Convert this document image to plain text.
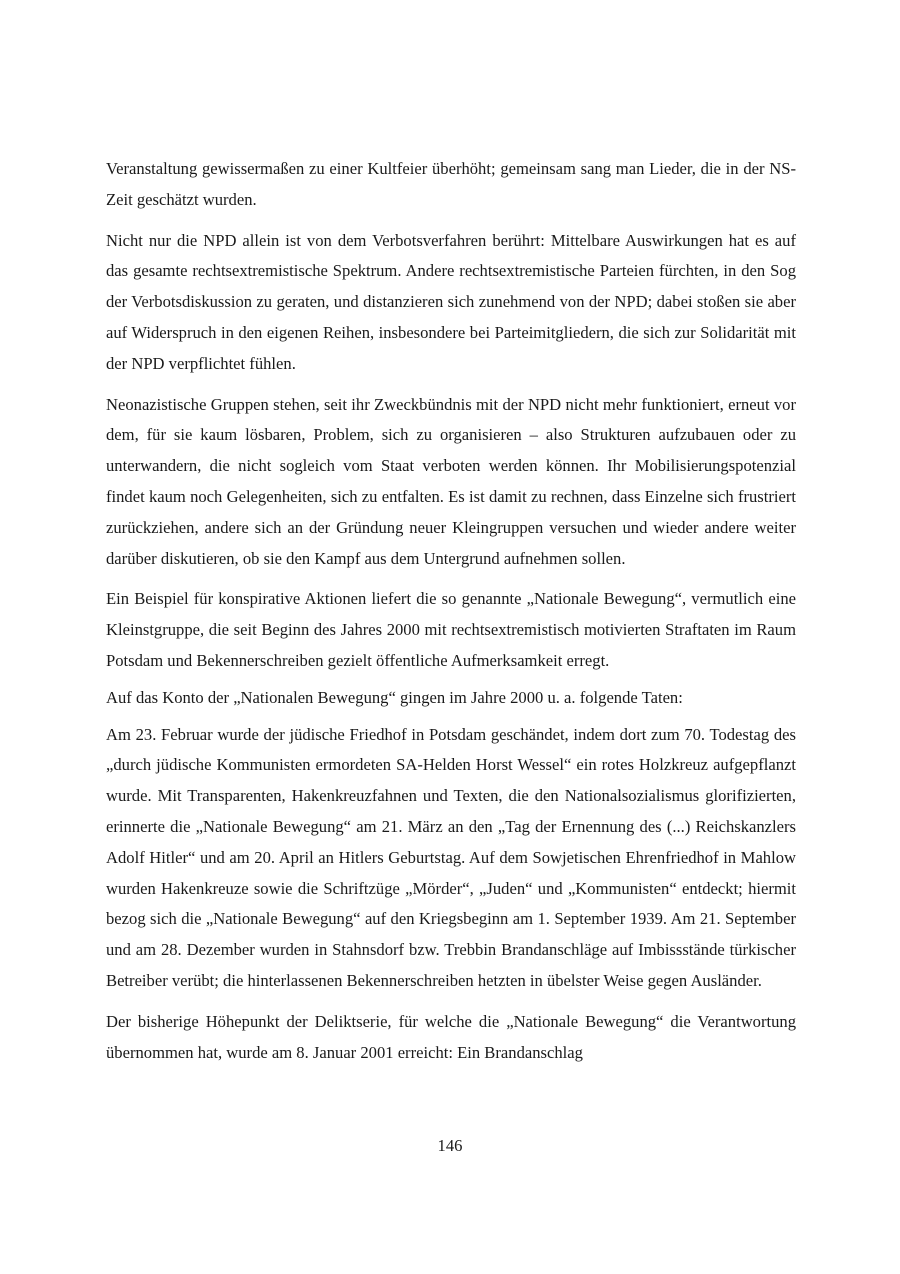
Veranstaltung gewissermaßen zu einer Kultfeier überhöht; gemeinsam sang man Lieder, die in der NS-Zeit geschätzt wurden.

Nicht nur die NPD allein ist von dem Verbotsverfahren berührt: Mittelbare Auswirkungen hat es auf das gesamte rechtsextremistische Spektrum. Andere rechtsextremistische Parteien fürchten, in den Sog der Verbotsdiskussion zu geraten, und distanzieren sich zunehmend von der NPD; dabei stoßen sie aber auf Widerspruch in den eigenen Reihen, insbesondere bei Parteimitgliedern, die sich zur Solidarität mit der NPD verpflichtet fühlen.

Neonazistische Gruppen stehen, seit ihr Zweckbündnis mit der NPD nicht mehr funktioniert, erneut vor dem, für sie kaum lösbaren, Problem, sich zu organisieren – also Strukturen aufzubauen oder zu unterwandern, die nicht sogleich vom Staat verboten werden können. Ihr Mobilisierungspotenzial findet kaum noch Gelegenheiten, sich zu entfalten. Es ist damit zu rechnen, dass Einzelne sich frustriert zurückziehen, andere sich an der Gründung neuer Kleingruppen versuchen und wieder andere weiter darüber diskutieren, ob sie den Kampf aus dem Untergrund aufnehmen sollen.

Ein Beispiel für konspirative Aktionen liefert die so genannte „Nationale Bewegung“, vermutlich eine Kleinstgruppe, die seit Beginn des Jahres 2000 mit rechtsextremistisch motivierten Straftaten im Raum Potsdam und Bekennerschreiben gezielt öffentliche Aufmerksamkeit erregt.

Auf das Konto der „Nationalen Bewegung“ gingen im Jahre 2000 u. a. folgende Taten:

Am 23. Februar wurde der jüdische Friedhof in Potsdam geschändet, indem dort zum 70. Todestag des „durch jüdische Kommunisten ermordeten SA-Helden Horst Wessel“ ein rotes Holzkreuz aufgepflanzt wurde. Mit Transparenten, Hakenkreuzfahnen und Texten, die den Nationalsozialismus glorifizierten, erinnerte die „Nationale Bewegung“ am 21. März an den „Tag der Ernennung des (...) Reichskanzlers Adolf Hitler“ und am 20. April an Hitlers Geburtstag. Auf dem Sowjetischen Ehrenfriedhof in Mahlow wurden Hakenkreuze sowie die Schriftzüge „Mörder“, „Juden“ und „Kommunisten“ entdeckt; hiermit bezog sich die „Nationale Bewegung“ auf den Kriegsbeginn am 1. September 1939. Am 21. September und am 28. Dezember wurden in Stahnsdorf bzw. Trebbin Brandanschläge auf Imbissstände türkischer Betreiber verübt; die hinterlassenen Bekennerschreiben hetzten in übelster Weise gegen Ausländer.

Der bisherige Höhepunkt der Deliktserie, für welche die „Nationale Bewegung“ die Verantwortung übernommen hat, wurde am 8. Januar 2001 erreicht: Ein Brandanschlag

146
